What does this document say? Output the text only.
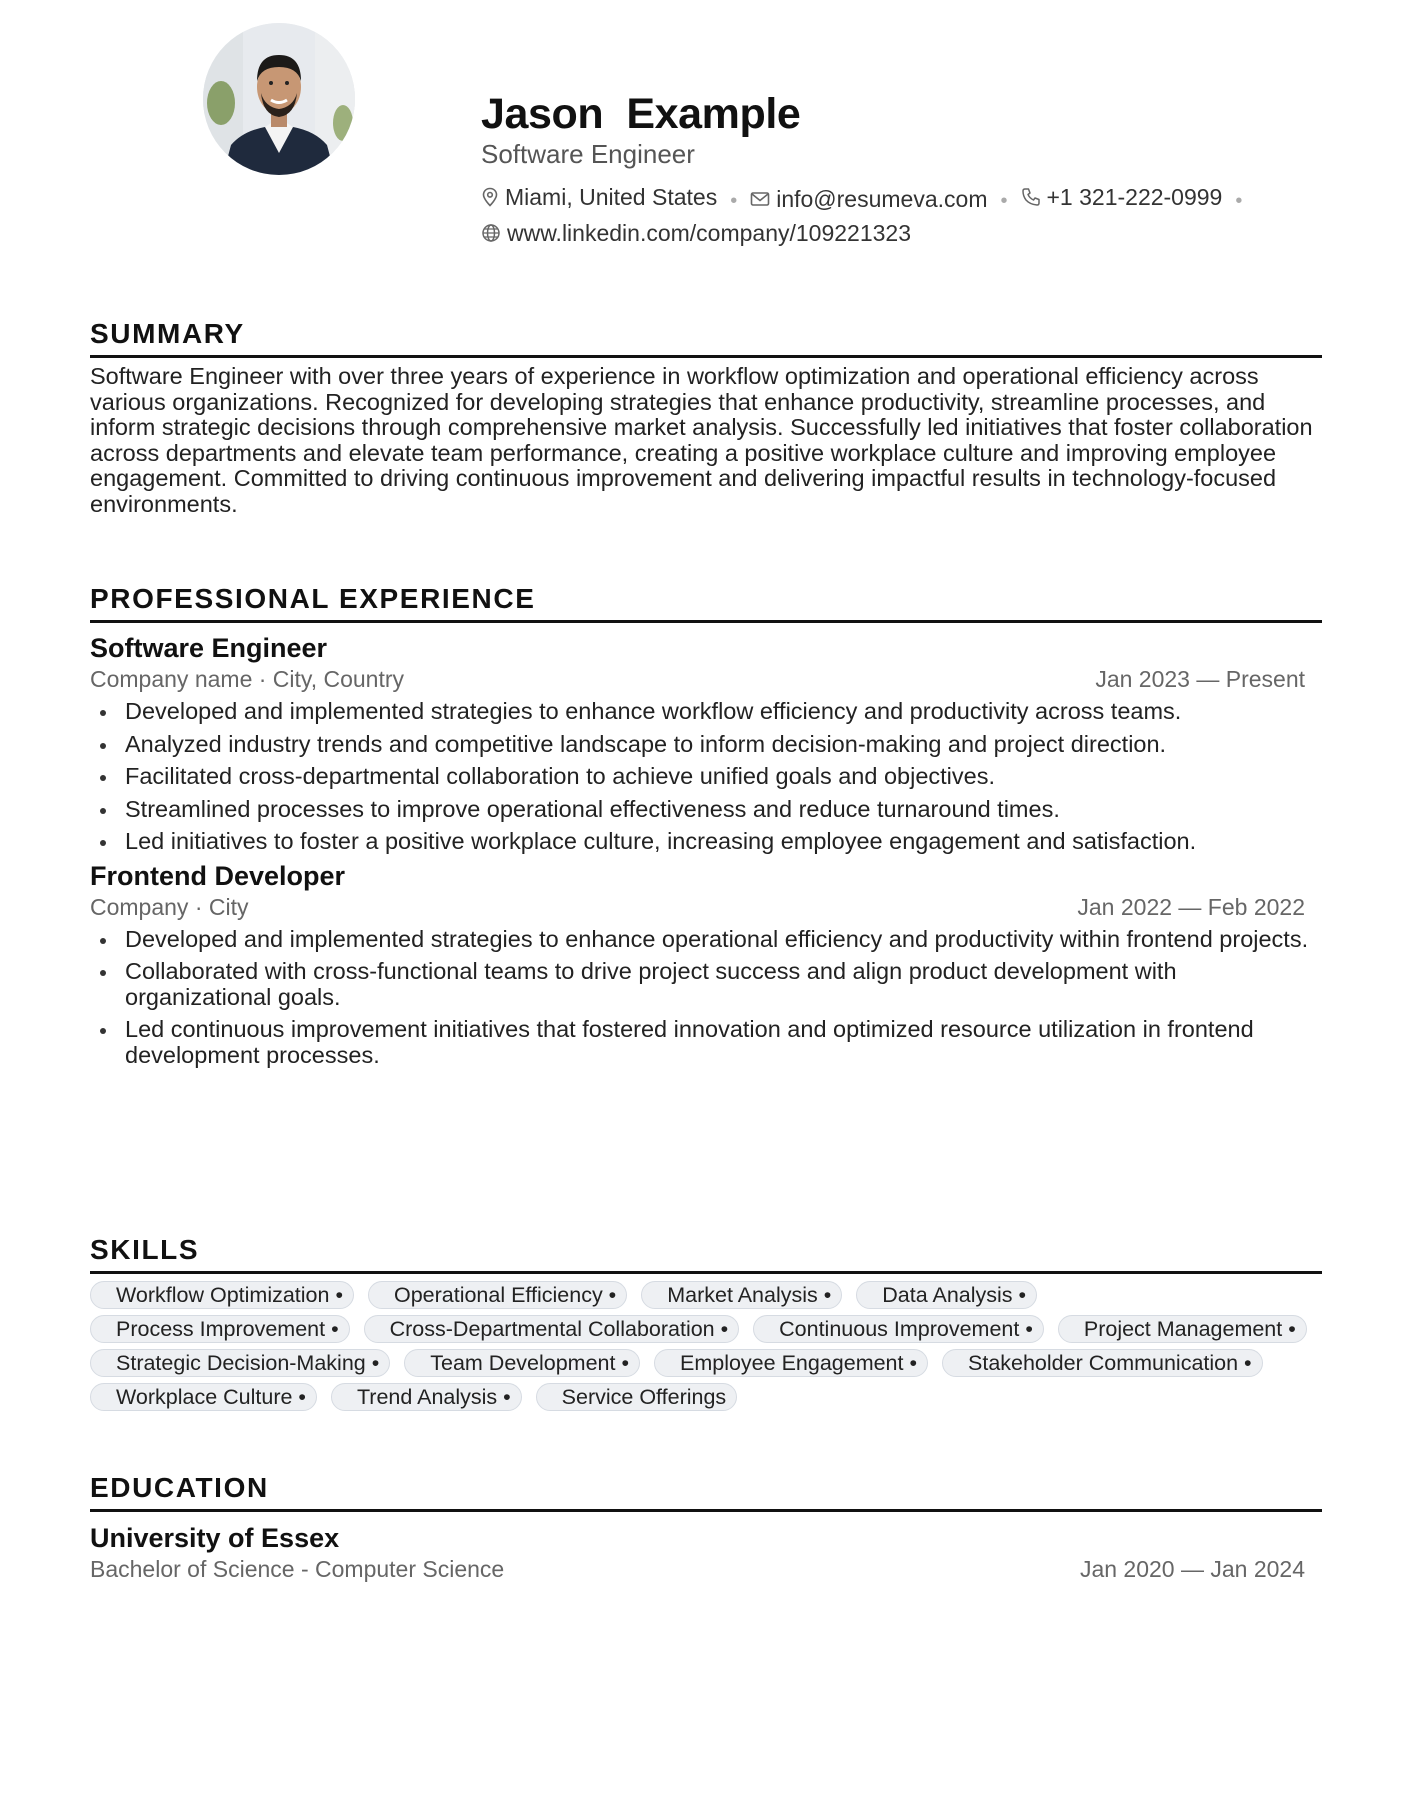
Jason  Example
Software Engineer
Miami, United States • info@resumeva.com • +1 321-222-0999 •

www.linkedin.com/company/109221323
SUMMARY

Software Engineer with over three years of experience in workflow optimization and operational efficiency across various organizations. Recognized for developing strategies that enhance productivity, streamline processes, and inform strategic decisions through comprehensive market analysis. Successfully led initiatives that foster collaboration across departments and elevate team performance, creating a positive workplace culture and improving employee engagement. Committed to driving continuous improvement and delivering impactful results in technology-focused environments.

PROFESSIONAL EXPERIENCE
Software Engineer
Company name · City, Country	Jan 2023 — Present
Developed and implemented strategies to enhance workflow efficiency and productivity across teams.
Analyzed industry trends and competitive landscape to inform decision-making and project direction.
Facilitated cross-departmental collaboration to achieve unified goals and objectives.
Streamlined processes to improve operational effectiveness and reduce turnaround times.
Led initiatives to foster a positive workplace culture, increasing employee engagement and satisfaction.
Frontend Developer
Company · City	Jan 2022 — Feb 2022
Developed and implemented strategies to enhance operational efficiency and productivity within frontend projects.
Collaborated with cross-functional teams to drive project success and align product development with organizational goals.
Led continuous improvement initiatives that fostered innovation and optimized resource utilization in frontend development processes.
SKILLS
Workflow Optimization •	Operational Efficiency •	Market Analysis •	Data Analysis •
Process Improvement •	Cross-Departmental Collaboration •	Continuous Improvement •	Project Management •
Strategic Decision-Making •	Team Development •	Employee Engagement •	Stakeholder Communication •
Workplace Culture •	Trend Analysis •	Service Offerings
EDUCATION
University of Essex
Bachelor of Science - Computer Science	Jan 2020 — Jan 2024
